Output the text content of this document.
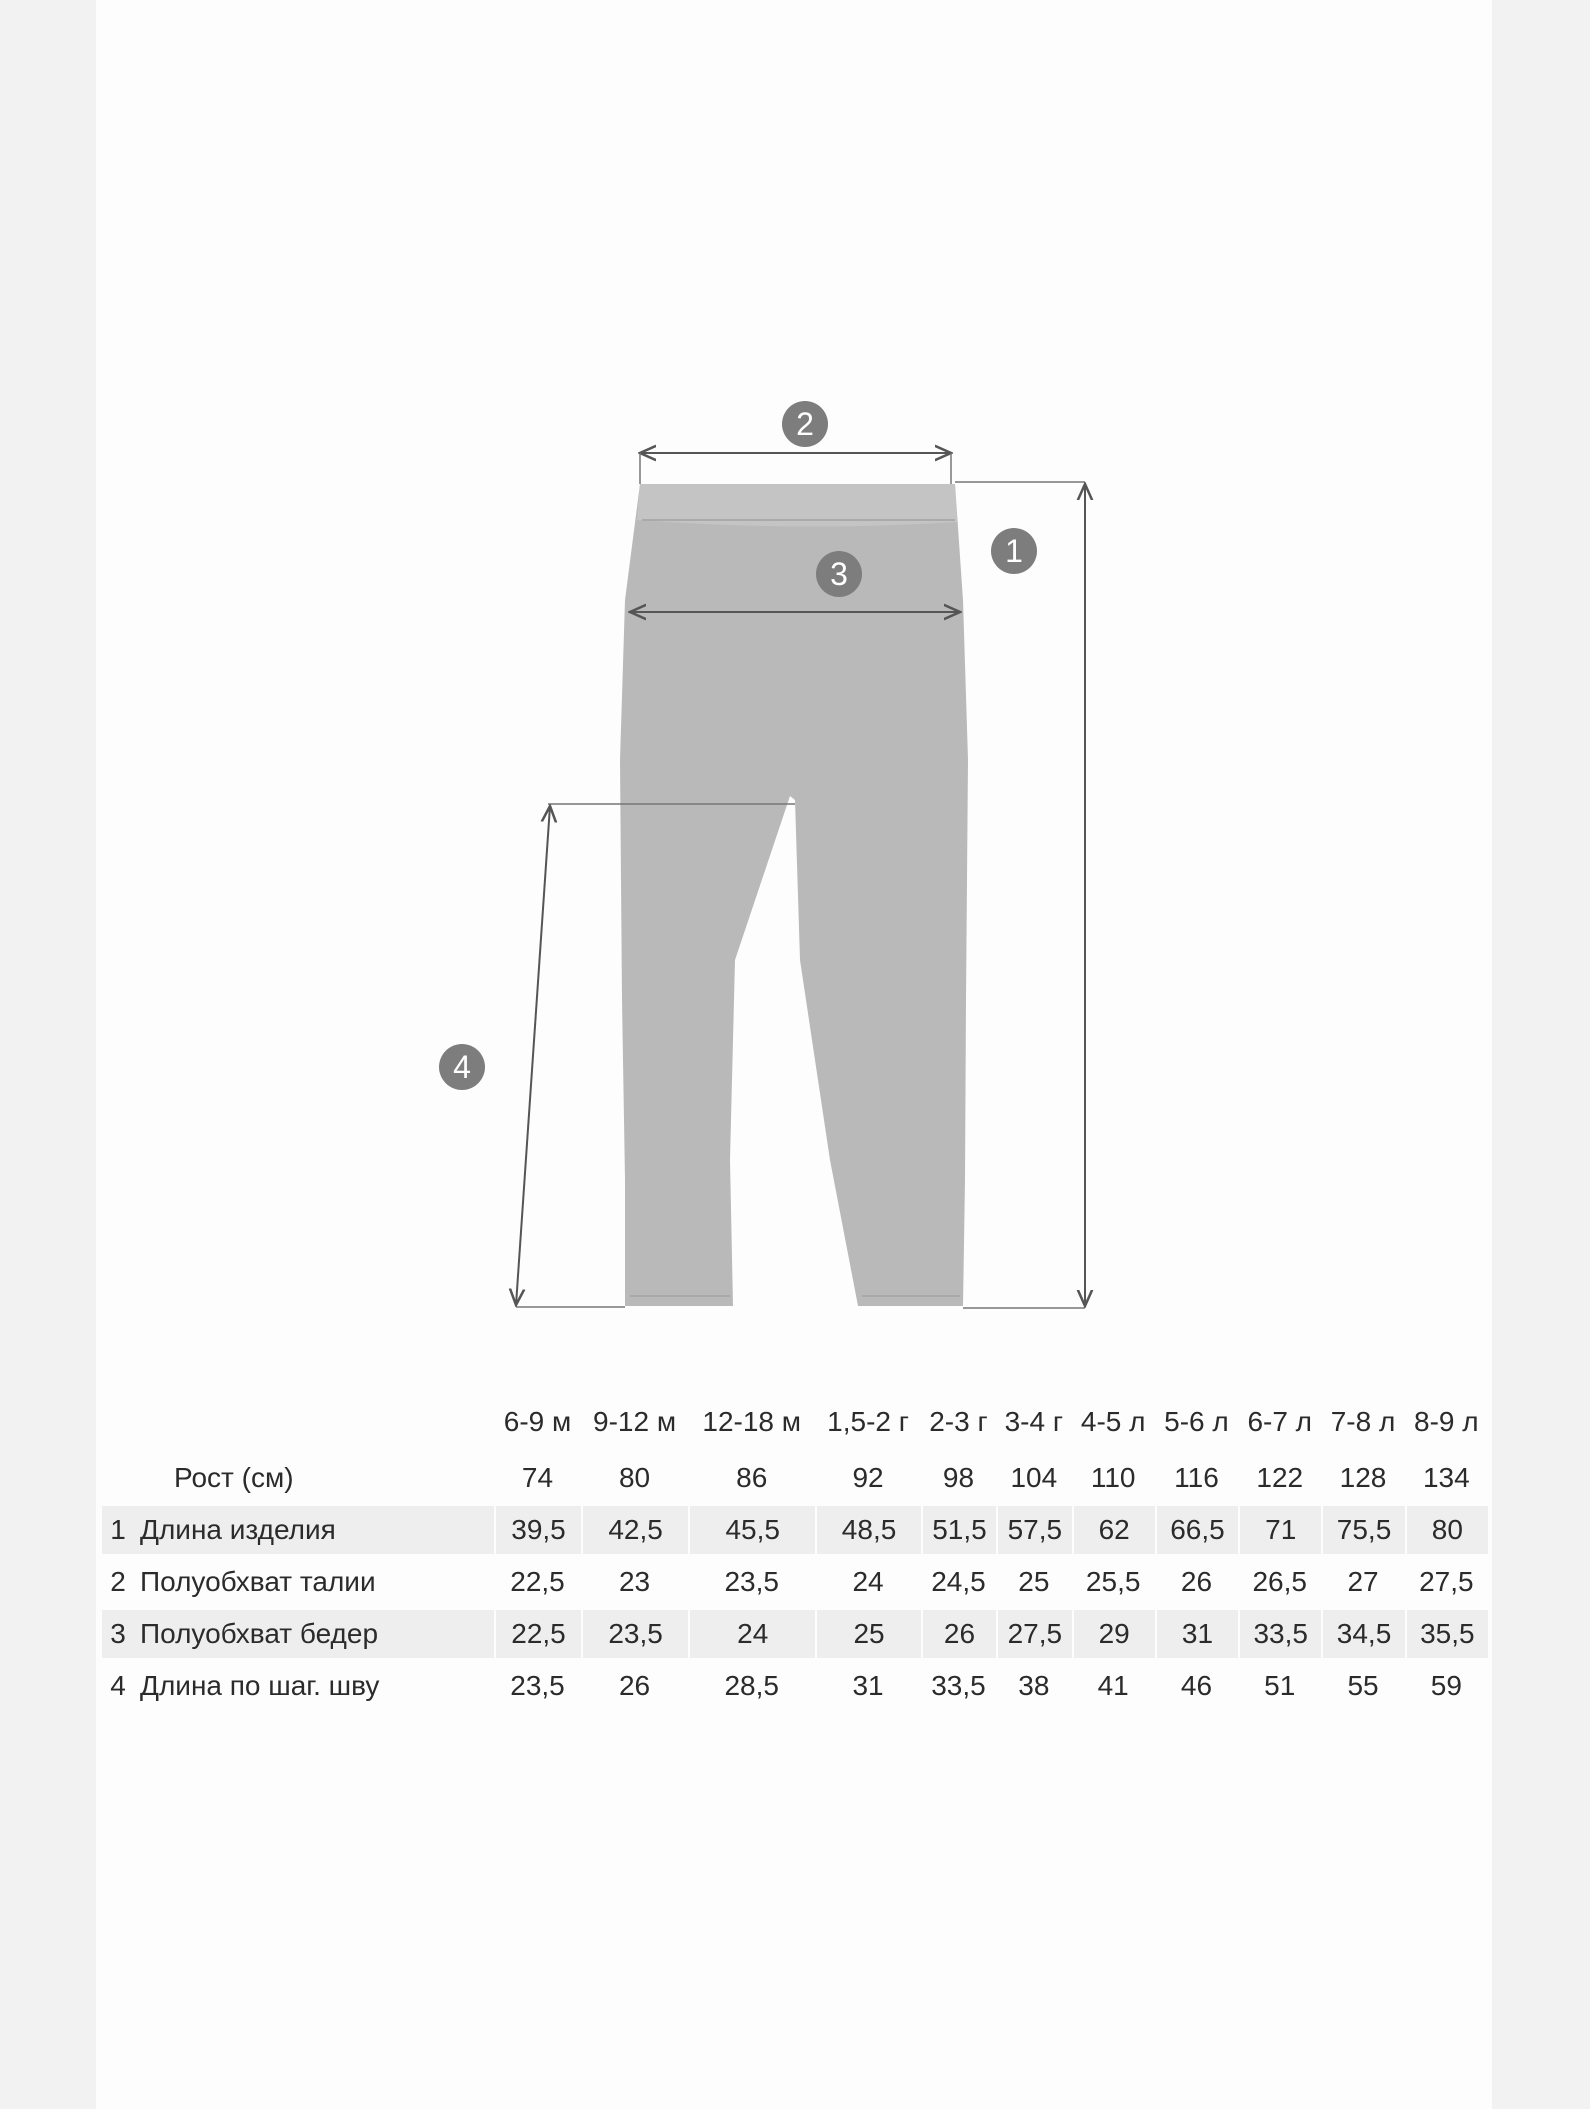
2
1
3
4
		6-9 м	9-12 м	12-18 м	1,5-2 г	2-3 г	3-4 г	4-5 л	5-6 л	6-7 л	7-8 л	8-9 л
	Рост (см)	74	80	86	92	98	104	110	116	122	128	134
1	Длина изделия	39,5	42,5	45,5	48,5	51,5	57,5	62	66,5	71	75,5	80
2	Полуобхват талии	22,5	23	23,5	24	24,5	25	25,5	26	26,5	27	27,5
3	Полуобхват бедер	22,5	23,5	24	25	26	27,5	29	31	33,5	34,5	35,5
4	Длина по шаг. шву	23,5	26	28,5	31	33,5	38	41	46	51	55	59
